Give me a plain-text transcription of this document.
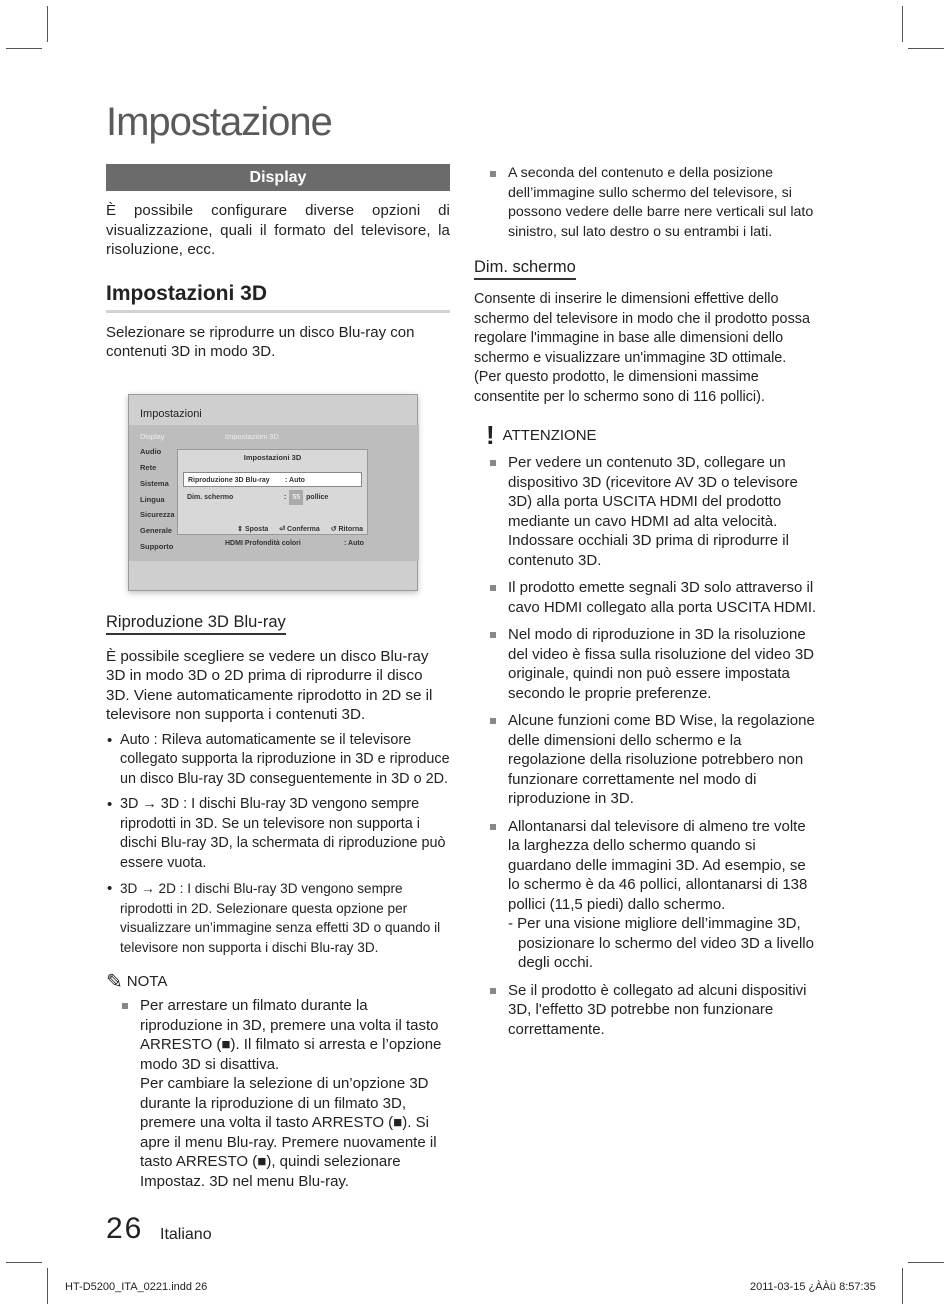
Impostazione
Display

È possibile configurare diverse opzioni di visualizzazione, quali il formato del televisore, la risoluzione, ecc.

Impostazioni 3D

Selezionare se riprodurre un disco Blu-ray con contenuti 3D in modo 3D.

Impostazioni
Display
Audio
Rete
Sistema
Lingua
Sicurezza
Generale
Supporto
Impostazioni 3D
HDMI Profondità colori	: Auto
Impostazioni 3D
Riproduzione 3D Blu-ray : Auto
Dim. schermo	: 55 pollice
⇕ Sposta ⏎ Conferma ↺ Ritorna
Riproduzione 3D Blu-ray

È possibile scegliere se vedere un disco Blu-ray 3D in modo 3D o 2D prima di riprodurre il disco 3D. Viene automaticamente riprodotto in 2D se il televisore non supporta i contenuti 3D.

• Auto : Rileva automaticamente se il televisore collegato supporta la riproduzione in 3D e riproduce un disco Blu-ray 3D conseguentemente in 3D o 2D.
• 3D → 3D : I dischi Blu-ray 3D vengono sempre riprodotti in 3D. Se un televisore non supporta i dischi Blu-ray 3D, la schermata di riproduzione può essere vuota.
• 3D → 2D : I dischi Blu-ray 3D vengono sempre riprodotti in 2D. Selezionare questa opzione per visualizzare un’immagine senza effetti 3D o quando il televisore non supporta i dischi Blu-ray 3D.
✎ NOTA
Per arrestare un filmato durante la riproduzione in 3D, premere una volta il tasto ARRESTO (■). Il filmato si arresta e l’opzione modo 3D si disattiva.
Per cambiare la selezione di un’opzione 3D durante la riproduzione di un filmato 3D, premere una volta il tasto ARRESTO (■). Si apre il menu Blu-ray. Premere nuovamente il tasto ARRESTO (■), quindi selezionare Impostaz. 3D nel menu Blu-ray.
A seconda del contenuto e della posizione dell’immagine sullo schermo del televisore, si possono vedere delle barre nere verticali sul lato sinistro, sul lato destro o su entrambi i lati.
Dim. schermo

Consente di inserire le dimensioni effettive dello schermo del televisore in modo che il prodotto possa regolare l'immagine in base alle dimensioni dello schermo e visualizzare un'immagine 3D ottimale.

(Per questo prodotto, le dimensioni massime consentite per lo schermo sono di 116 pollici).

! ATTENZIONE
Per vedere un contenuto 3D, collegare un dispositivo 3D (ricevitore AV 3D o televisore 3D) alla porta USCITA HDMI del prodotto mediante un cavo HDMI ad alta velocità. Indossare occhiali 3D prima di riprodurre il contenuto 3D.
Il prodotto emette segnali 3D solo attraverso il cavo HDMI collegato alla porta USCITA HDMI.
Nel modo di riproduzione in 3D la risoluzione del video è fissa sulla risoluzione del video 3D originale, quindi non può essere impostata secondo le proprie preferenze.
Alcune funzioni come BD Wise, la regolazione delle dimensioni dello schermo e la regolazione della risoluzione potrebbero non funzionare correttamente nel modo di riproduzione in 3D.
Allontanarsi dal televisore di almeno tre volte la larghezza dello schermo quando si guardano delle immagini 3D. Ad esempio, se lo schermo è da 46 pollici, allontanarsi di 138 pollici (11,5 piedi) dallo schermo.
- Per una visione migliore dell’immagine 3D,
posizionare lo schermo del video 3D a livello degli occhi.
Se il prodotto è collegato ad alcuni dispositivi 3D, l'effetto 3D potrebbe non funzionare correttamente.
26 Italiano
HT-D5200_ITA_0221.indd 26	2011-03-15 ¿ÀÀü 8:57:35
